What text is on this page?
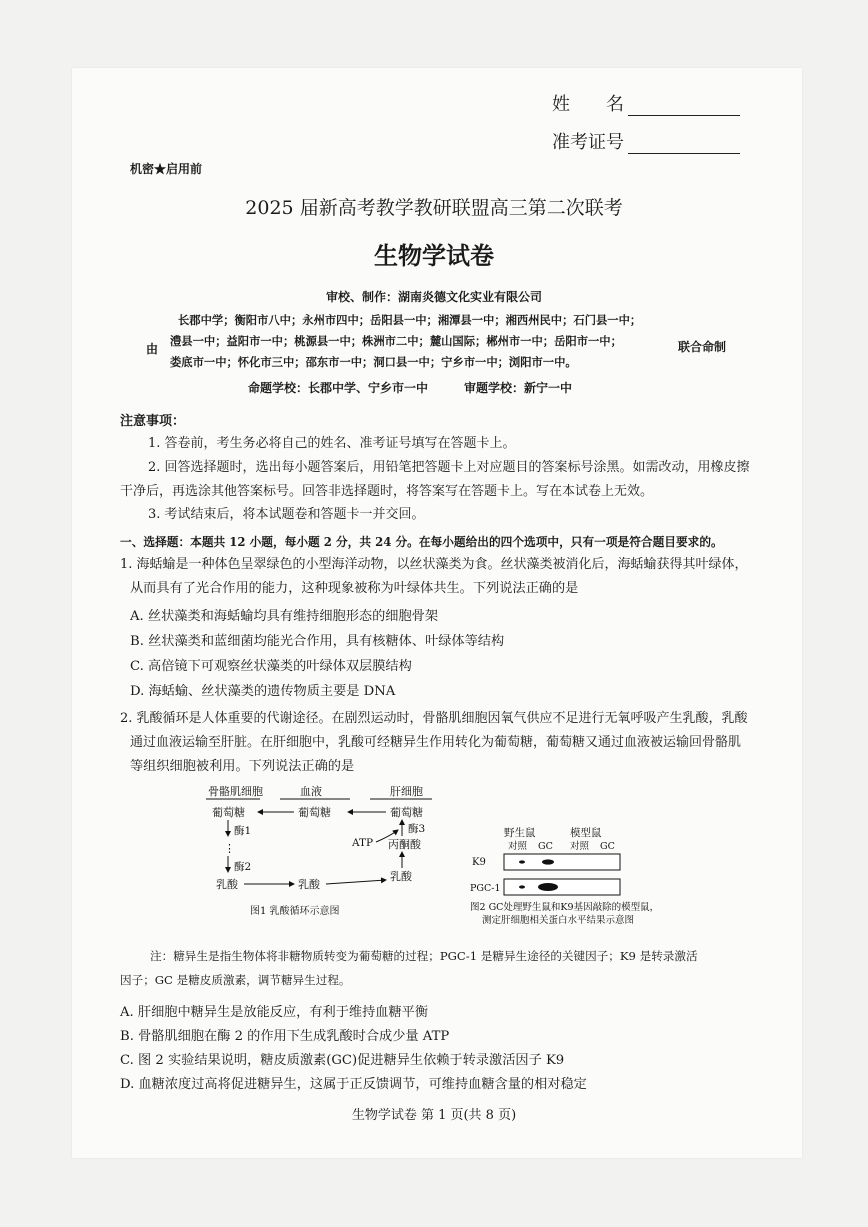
姓　　名
准考证号
机密★启用前
2025 届新高考教学教研联盟高三第二次联考
生物学试卷
审校、制作：湖南炎德文化实业有限公司
由
长郡中学；衡阳市八中；永州市四中；岳阳县一中；湘潭县一中；湘西州民中；石门县一中；
澧县一中；益阳市一中；桃源县一中；株洲市二中；麓山国际；郴州市一中；岳阳市一中；
娄底市一中；怀化市三中；邵东市一中；洞口县一中；宁乡市一中；浏阳市一中。
联合命制
命题学校：长郡中学、宁乡市一中　　　审题学校：新宁一中
注意事项：
1. 答卷前，考生务必将自己的姓名、准考证号填写在答题卡上。
2. 回答选择题时，选出每小题答案后，用铅笔把答题卡上对应题目的答案标号涂黑。如需改动，用橡皮擦
干净后，再选涂其他答案标号。回答非选择题时，将答案写在答题卡上。写在本试卷上无效。
3. 考试结束后，将本试题卷和答题卡一并交回。
一、选择题：本题共 12 小题，每小题 2 分，共 24 分。在每小题给出的四个选项中，只有一项是符合题目要求的。
1. 海蛞蝓是一种体色呈翠绿色的小型海洋动物，以丝状藻类为食。丝状藻类被消化后，海蛞蝓获得其叶绿体，
从而具有了光合作用的能力，这种现象被称为叶绿体共生。下列说法正确的是
A. 丝状藻类和海蛞蝓均具有维持细胞形态的细胞骨架
B. 丝状藻类和蓝细菌均能光合作用，具有核糖体、叶绿体等结构
C. 高倍镜下可观察丝状藻类的叶绿体双层膜结构
D. 海蛞蝓、丝状藻类的遗传物质主要是 DNA
2. 乳酸循环是人体重要的代谢途径。在剧烈运动时，骨骼肌细胞因氧气供应不足进行无氧呼吸产生乳酸，乳酸
通过血液运输至肝脏。在肝细胞中，乳酸可经糖异生作用转化为葡萄糖，葡萄糖又通过血液被运输回骨骼肌
等组织细胞被利用。下列说法正确的是
骨骼肌细胞	血液	肝细胞
葡萄糖	葡萄糖	葡萄糖
酶1
⋮
酶2
乳酸	乳酸
乳酸
丙酮酸
酶3
ATP
图1 乳酸循环示意图
野生鼠	模型鼠
对照 GC 对照 GC
K9
PGC-1
图2 GC处理野生鼠和K9基因敲除的模型鼠，
测定肝细胞相关蛋白水平结果示意图
注：糖异生是指生物体将非糖物质转变为葡萄糖的过程；PGC-1 是糖异生途径的关键因子；K9 是转录激活
因子；GC 是糖皮质激素，调节糖异生过程。
A. 肝细胞中糖异生是放能反应，有利于维持血糖平衡
B. 骨骼肌细胞在酶 2 的作用下生成乳酸时合成少量 ATP
C. 图 2 实验结果说明，糖皮质激素(GC)促进糖异生依赖于转录激活因子 K9
D. 血糖浓度过高将促进糖异生，这属于正反馈调节，可维持血糖含量的相对稳定
生物学试卷 第 1 页(共 8 页)
